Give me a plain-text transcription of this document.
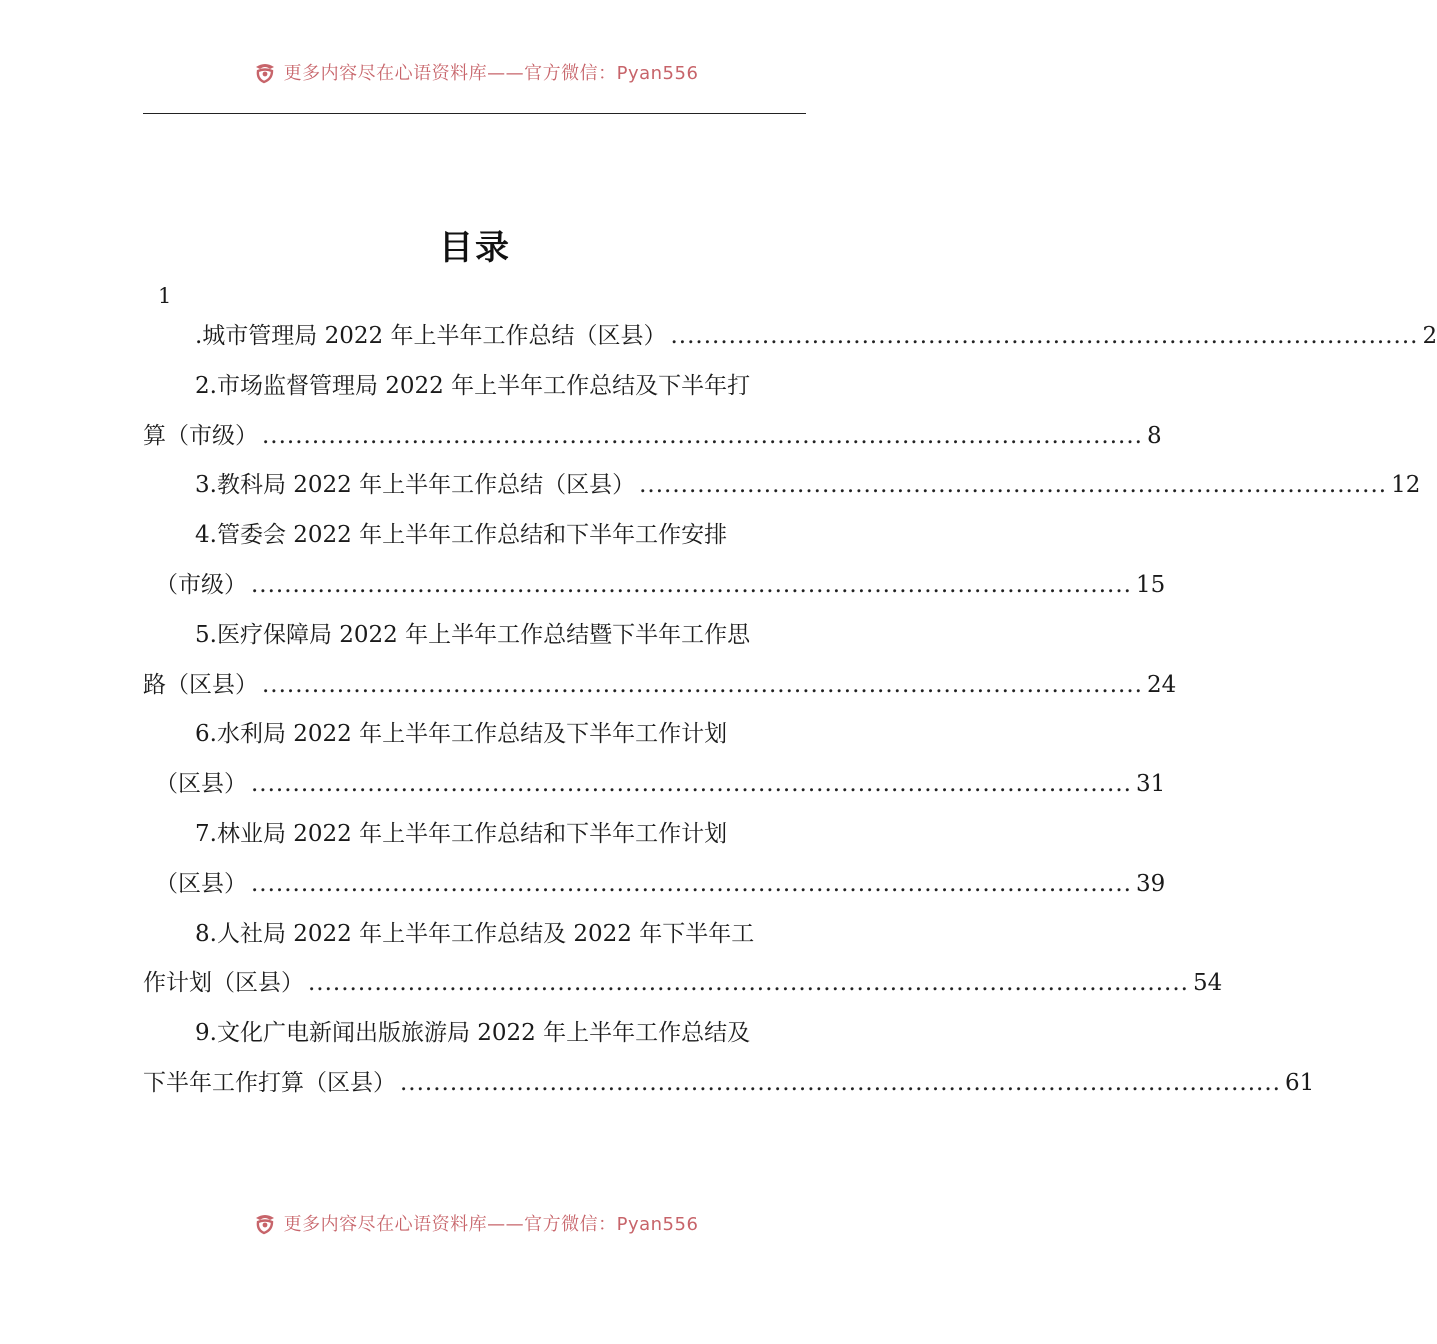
更多内容尽在心语资料库——官方微信：Pyan556
目录
1
.城市管理局 2022 年上半年工作总结（区县） .......................................................................................... 2
2.市场监督管理局 2022 年上半年工作总结及下半年打
算（市级） .......................................................................................................... 8
3.教科局 2022 年上半年工作总结（区县） .......................................................................................... 12
4.管委会 2022 年上半年工作总结和下半年工作安排
（市级） .......................................................................................................... 15
5.医疗保障局 2022 年上半年工作总结暨下半年工作思
路（区县） .......................................................................................................... 24
6.水利局 2022 年上半年工作总结及下半年工作计划
（区县） .......................................................................................................... 31
7.林业局 2022 年上半年工作总结和下半年工作计划
（区县） .......................................................................................................... 39
8.人社局 2022 年上半年工作总结及 2022 年下半年工
作计划（区县） .......................................................................................................... 54
9.文化广电新闻出版旅游局 2022 年上半年工作总结及
下半年工作打算（区县） .......................................................................................................... 61
更多内容尽在心语资料库——官方微信：Pyan556
